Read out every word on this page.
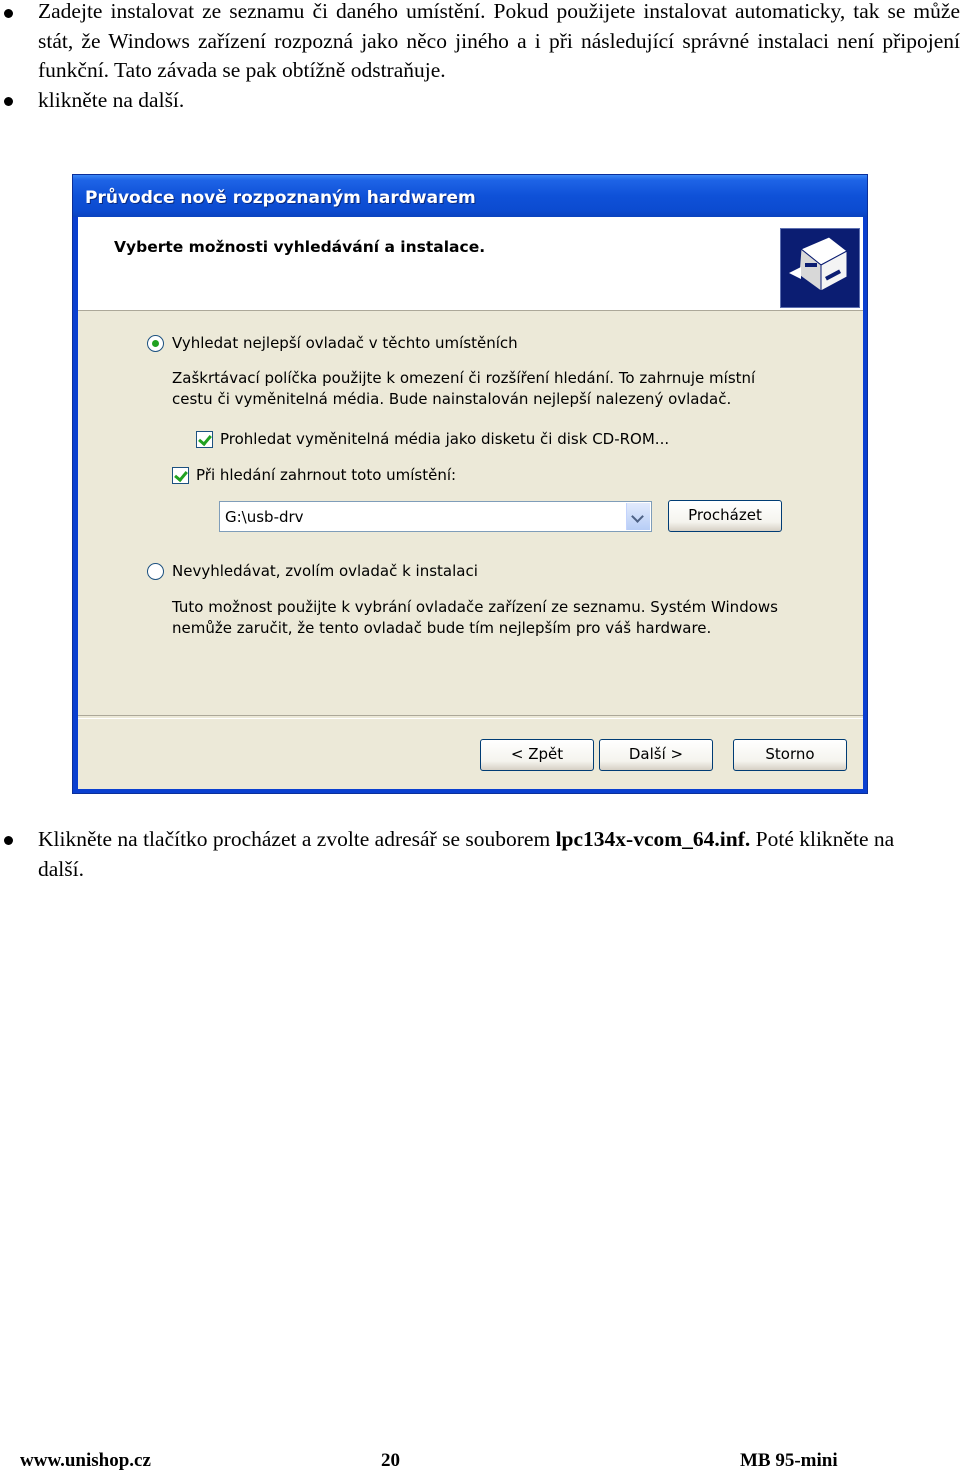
Zadejte instalovat ze seznamu či daného umístění. Pokud použijete instalovat automaticky, tak se může stát, že Windows zařízení rozpozná jako něco jiného a i při následující správné instalaci není připojení funkční. Tato závada se pak obtížně odstraňuje.
klikněte na další.
Průvodce nově rozpoznaným hardwarem
Vyberte možnosti vyhledávání a instalace.
Vyhledat nejlepší ovladač v těchto umístěních
Zaškrtávací políčka použijte k omezení či rozšíření hledání. To zahrnuje místní cestu či vyměnitelná média. Bude nainstalován nejlepší nalezený ovladač.
Prohledat vyměnitelná média jako disketu či disk CD-ROM...
Při hledání zahrnout toto umístění:
G:\usb-drv	Procházet
Nevyhledávat, zvolím ovladač k instalaci
Tuto možnost použijte k vybrání ovladače zařízení ze seznamu. Systém Windows nemůže zaručit, že tento ovladač bude tím nejlepším pro váš hardware.
< Zpět	Další >	Storno
Klikněte na tlačítko procházet a zvolte adresář se souborem lpc134x-vcom_64.inf. Poté klikněte na další.
www.unishop.cz	20	MB 95-mini
